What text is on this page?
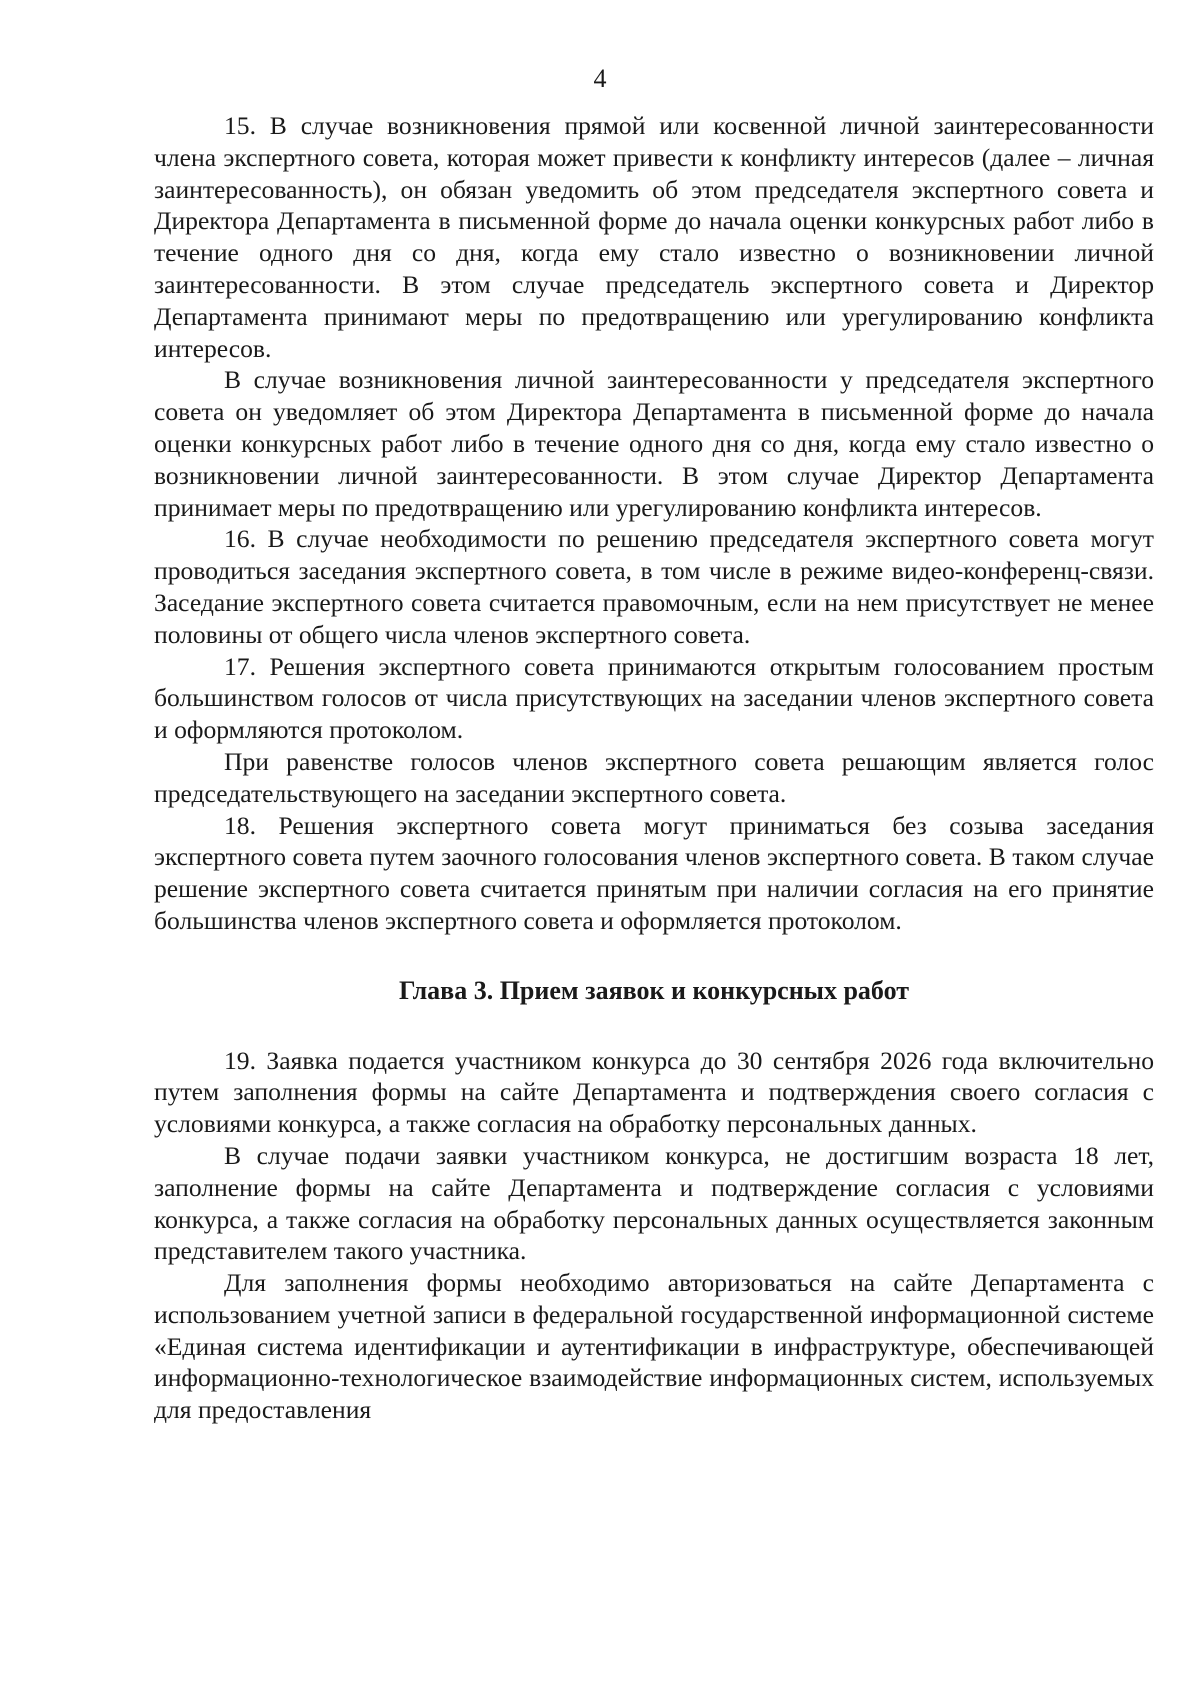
4

15. В случае возникновения прямой или косвенной личной заинтересованности члена экспертного совета, которая может привести к конфликту интересов (далее – личная заинтересованность), он обязан уведомить об этом председателя экспертного совета и Директора Департамента в письменной форме до начала оценки конкурсных работ либо в течение одного дня со дня, когда ему стало известно о возникновении личной заинтересованности. В этом случае председатель экспертного совета и Директор Департамента принимают меры по предотвращению или урегулированию конфликта интересов.

В случае возникновения личной заинтересованности у председателя экспертного совета он уведомляет об этом Директора Департамента в письменной форме до начала оценки конкурсных работ либо в течение одного дня со дня, когда ему стало известно о возникновении личной заинтересованности. В этом случае Директор Департамента принимает меры по предотвращению или урегулированию конфликта интересов.

16. В случае необходимости по решению председателя экспертного совета могут проводиться заседания экспертного совета, в том числе в режиме видео-конференц-связи. Заседание экспертного совета считается правомочным, если на нем присутствует не менее половины от общего числа членов экспертного совета.

17. Решения экспертного совета принимаются открытым голосованием простым большинством голосов от числа присутствующих на заседании членов экспертного совета и оформляются протоколом.

При равенстве голосов членов экспертного совета решающим является голос председательствующего на заседании экспертного совета.

18. Решения экспертного совета могут приниматься без созыва заседания экспертного совета путем заочного голосования членов экспертного совета. В таком случае решение экспертного совета считается принятым при наличии согласия на его принятие большинства членов экспертного совета и оформляется протоколом.

Глава 3. Прием заявок и конкурсных работ

19. Заявка подается участником конкурса до 30 сентября 2026 года включительно путем заполнения формы на сайте Департамента и подтверждения своего согласия с условиями конкурса, а также согласия на обработку персональных данных.

В случае подачи заявки участником конкурса, не достигшим возраста 18 лет, заполнение формы на сайте Департамента и подтверждение согласия с условиями конкурса, а также согласия на обработку персональных данных осуществляется законным представителем такого участника.

Для заполнения формы необходимо авторизоваться на сайте Департамента с использованием учетной записи в федеральной государственной информационной системе «Единая система идентификации и аутентификации в инфраструктуре, обеспечивающей информационно-технологическое взаимодействие информационных систем, используемых для предоставления
